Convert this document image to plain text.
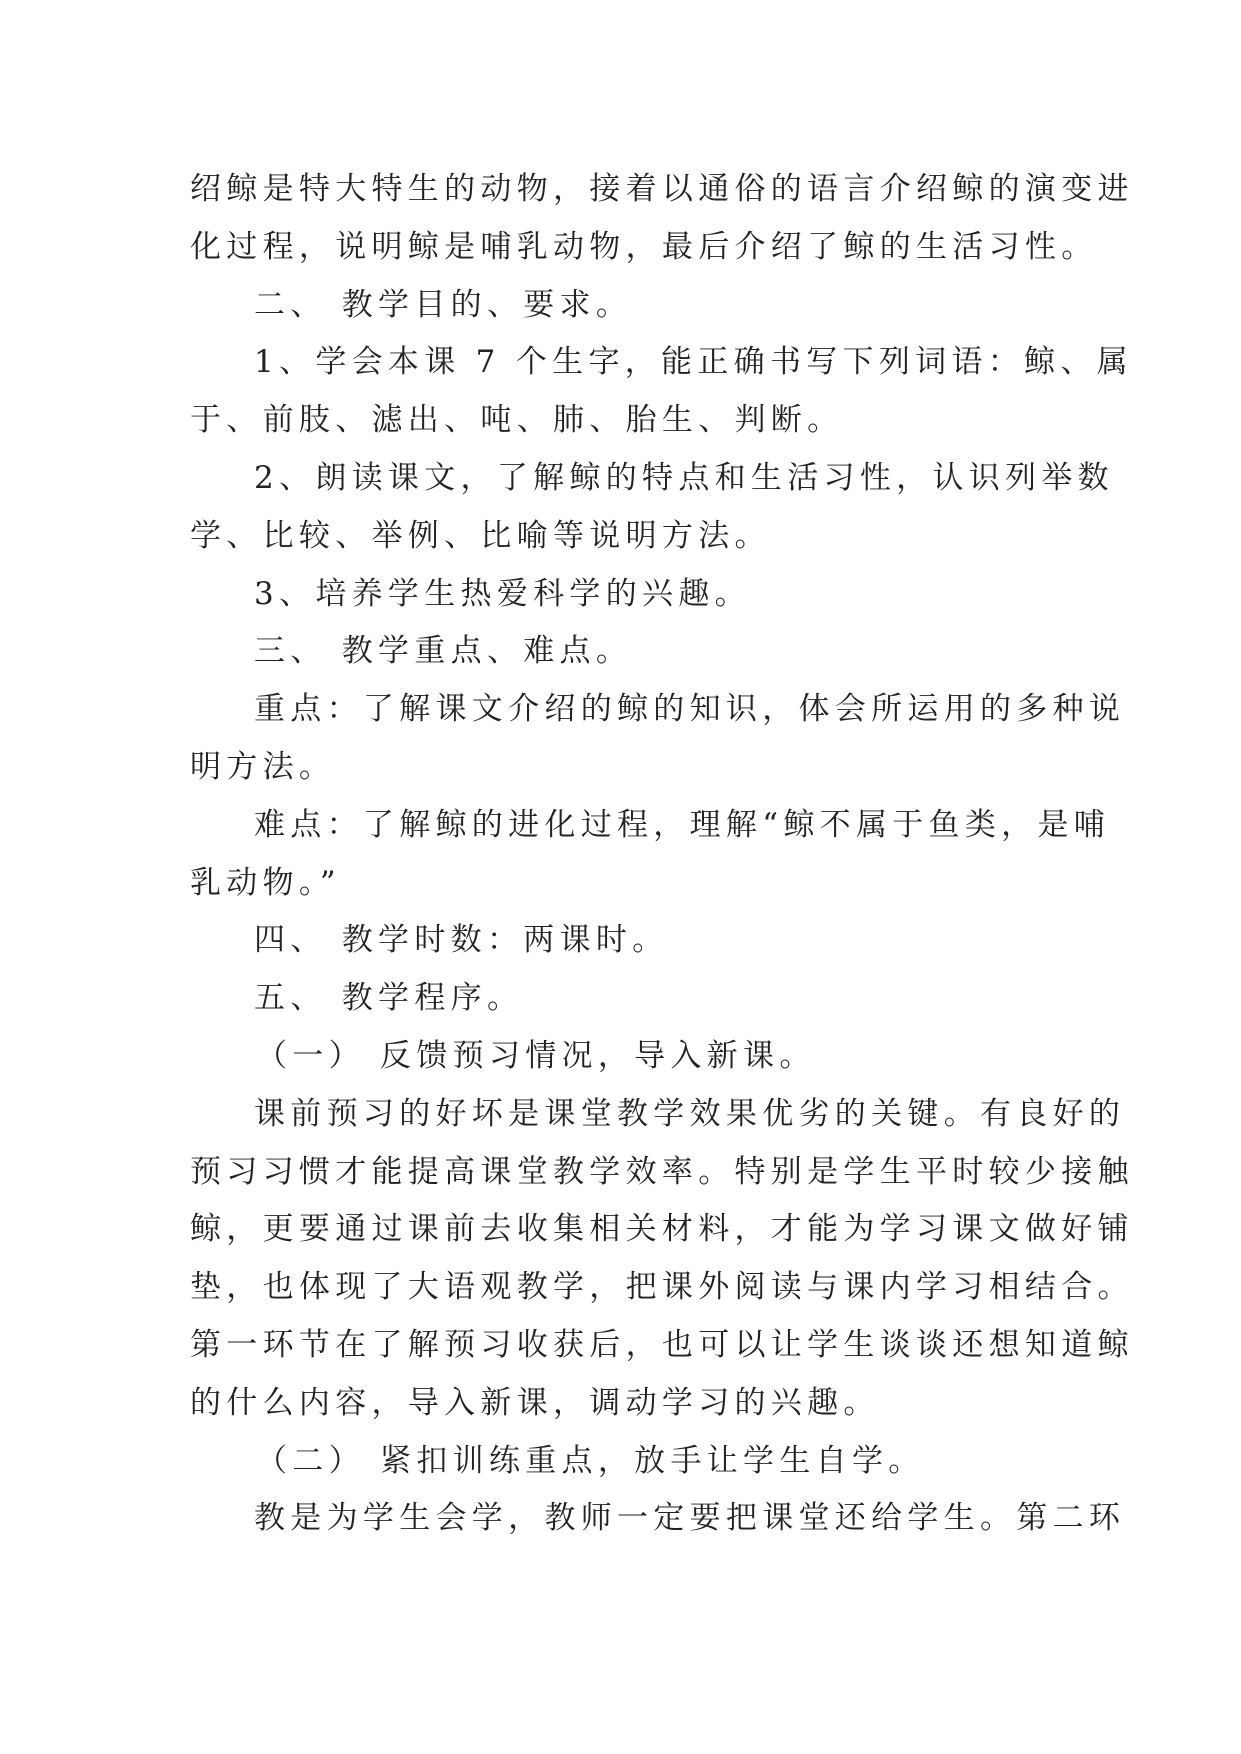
绍鲸是特大特生的动物，接着以通俗的语言介绍鲸的演变进
化过程，说明鲸是哺乳动物，最后介绍了鲸的生活习性。
二、 教学目的、要求。
1、学会本课 7 个生字，能正确书写下列词语：鲸、属
于、前肢、滤出、吨、肺、胎生、判断。
2、朗读课文，了解鲸的特点和生活习性，认识列举数
学、比较、举例、比喻等说明方法。
3、培养学生热爱科学的兴趣。
三、 教学重点、难点。
重点：了解课文介绍的鲸的知识，体会所运用的多种说
明方法。
难点：了解鲸的进化过程，理解“鲸不属于鱼类，是哺
乳动物。”
四、 教学时数：两课时。
五、 教学程序。
（一） 反馈预习情况，导入新课。
课前预习的好坏是课堂教学效果优劣的关键。有良好的
预习习惯才能提高课堂教学效率。特别是学生平时较少接触
鲸，更要通过课前去收集相关材料，才能为学习课文做好铺
垫，也体现了大语观教学，把课外阅读与课内学习相结合。
第一环节在了解预习收获后，也可以让学生谈谈还想知道鲸
的什么内容，导入新课，调动学习的兴趣。
（二） 紧扣训练重点，放手让学生自学。
教是为学生会学，教师一定要把课堂还给学生。第二环
